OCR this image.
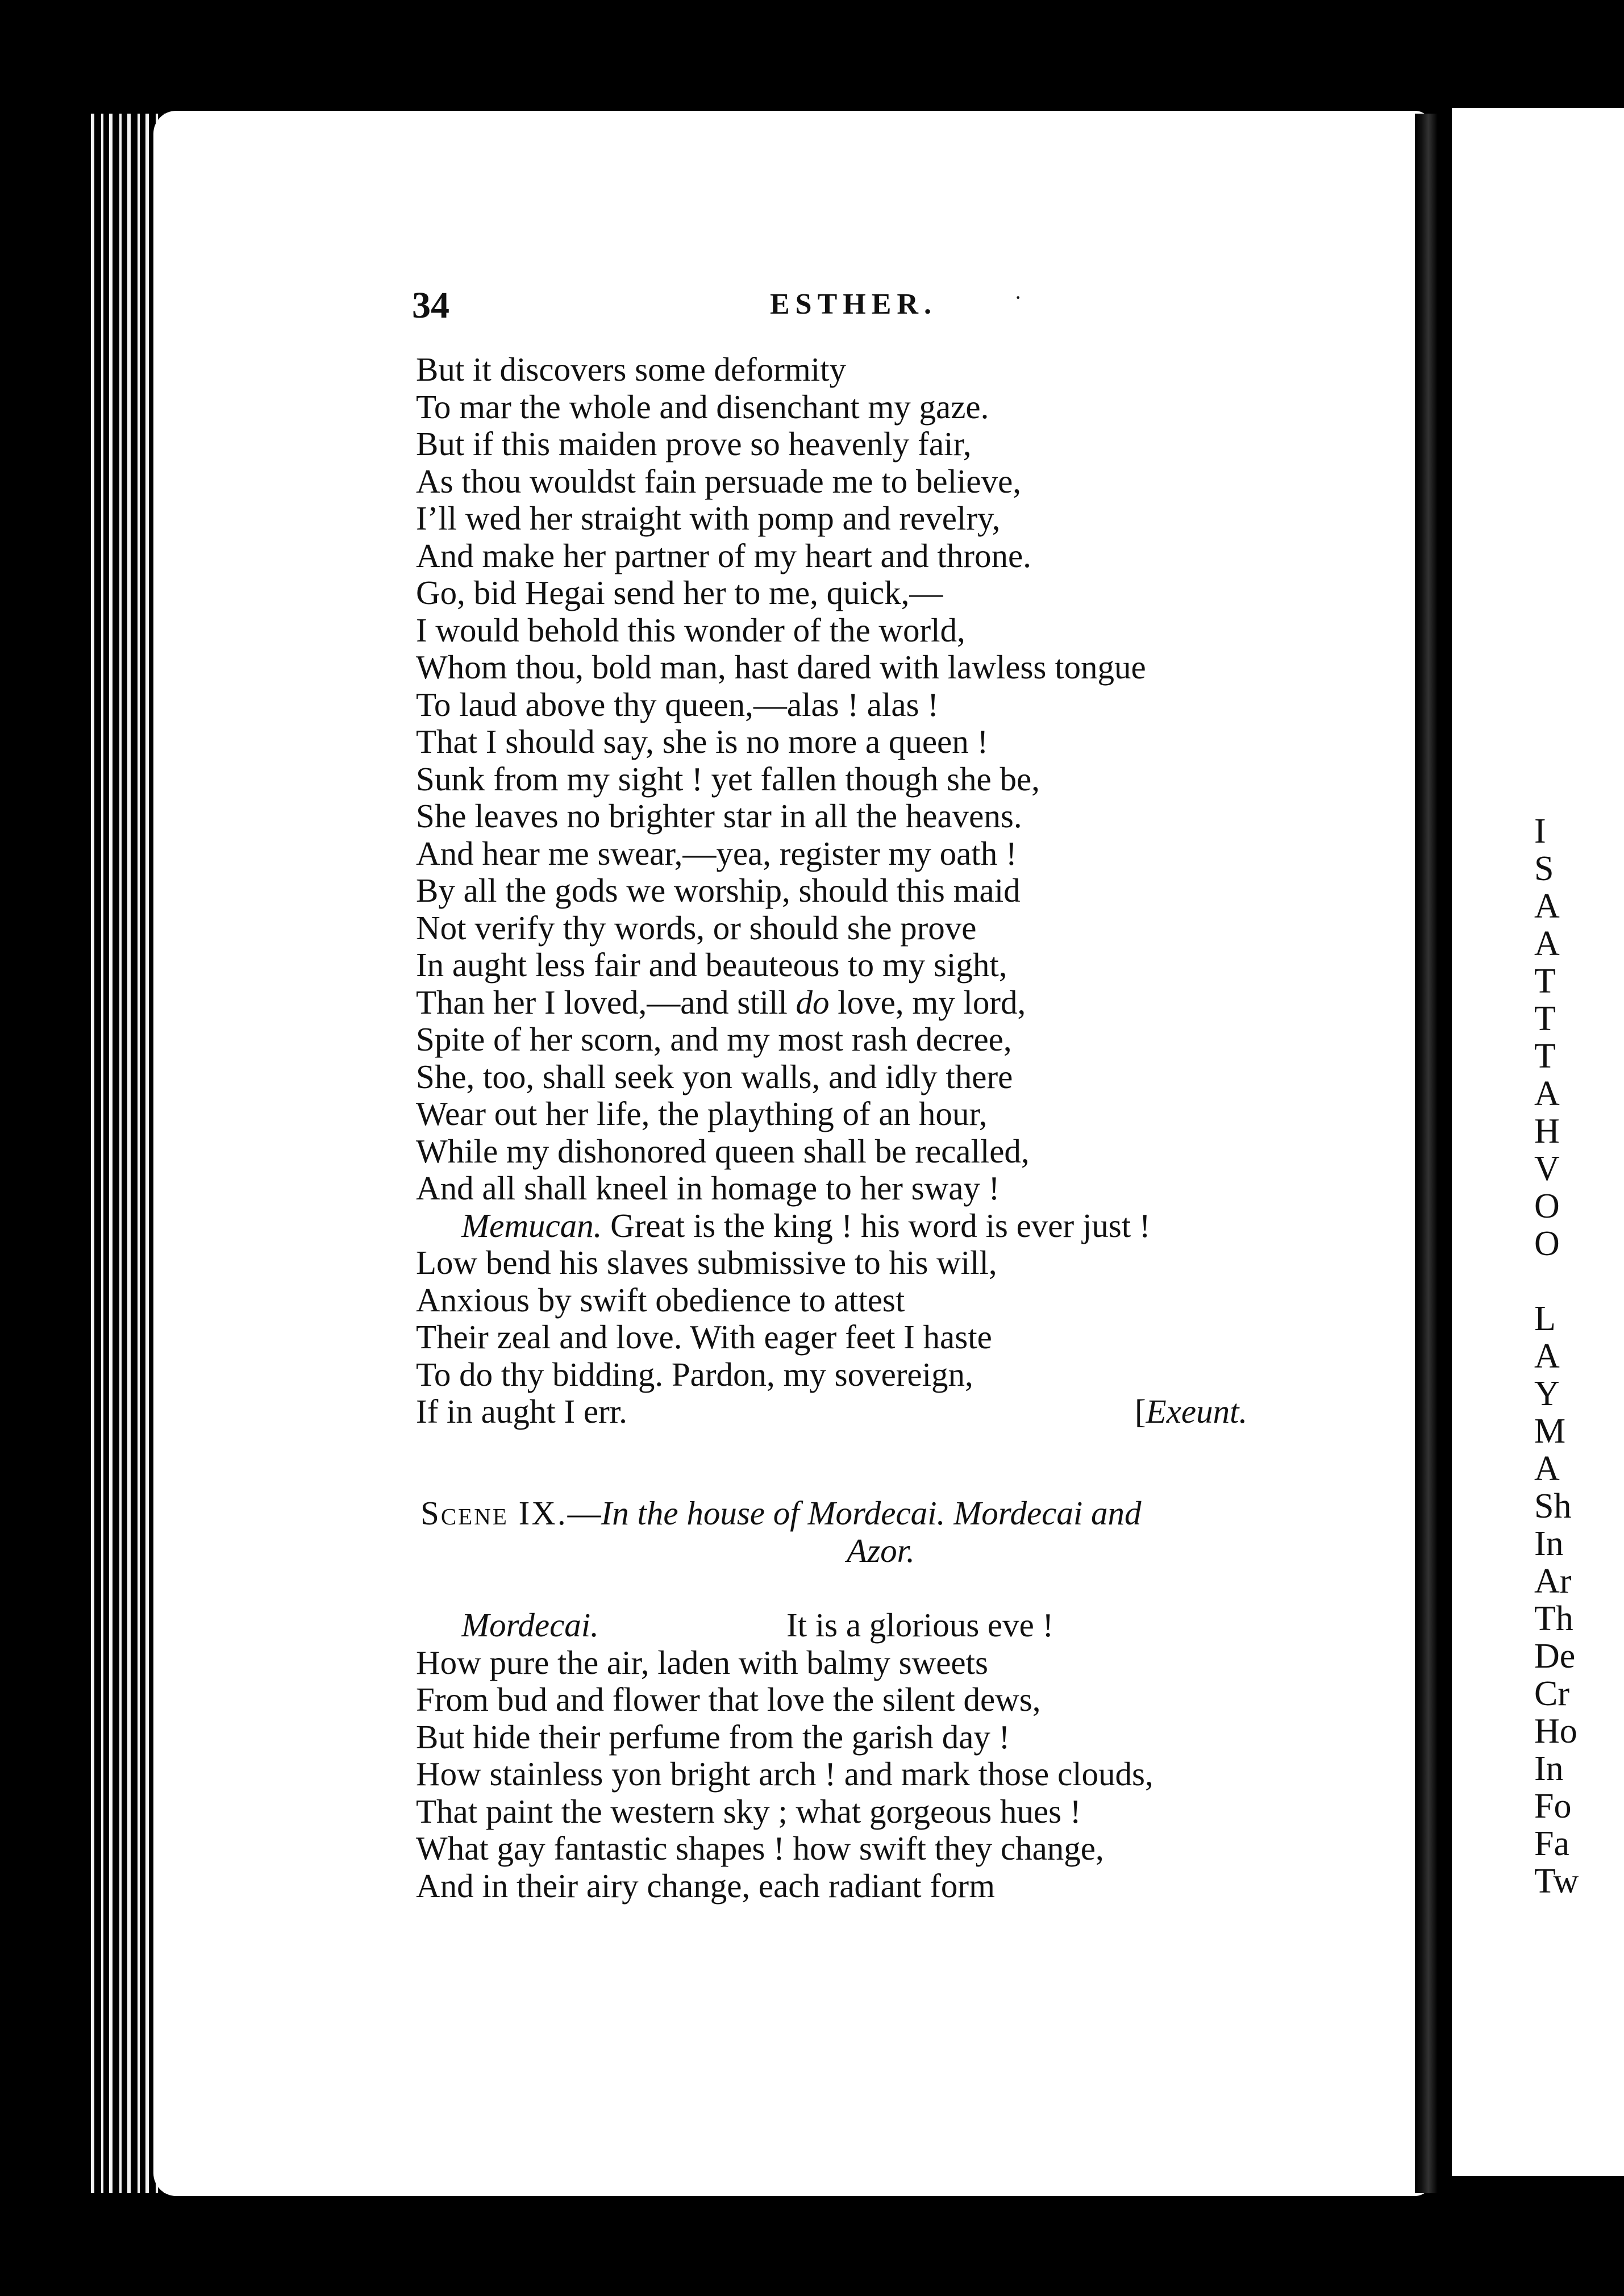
I
S
A
A
T
T
T
A
H
V
O
O
L
A
Y
M
A
Sh
In
Ar
Th
De
Cr
Ho
In
Fo
Fa
Tw
34	ESTHER.	·
But it discovers some deformity
To mar the whole and disenchant my gaze.
But if this maiden prove so heavenly fair,
As thou wouldst fain persuade me to believe,
I’ll wed her straight with pomp and revelry,
And make her partner of my heart and throne.
Go, bid Hegai send her to me, quick,—
I would behold this wonder of the world,
Whom thou, bold man, hast dared with lawless tongue
To laud above thy queen,—alas ! alas !
That I should say, she is no more a queen !
Sunk from my sight ! yet fallen though she be,
She leaves no brighter star in all the heavens.
And hear me swear,—yea, register my oath !
By all the gods we worship, should this maid
Not verify thy words, or should she prove
In aught less fair and beauteous to my sight,
Than her I loved,—and still do love, my lord,
Spite of her scorn, and my most rash decree,
She, too, shall seek yon walls, and idly there
Wear out her life, the plaything of an hour,
While my dishonored queen shall be recalled,
And all shall kneel in homage to her sway !
Memucan. Great is the king ! his word is ever just !
Low bend his slaves submissive to his will,
Anxious by swift obedience to attest
Their zeal and love. With eager feet I haste
To do thy bidding. Pardon, my sovereign,
If in aught I err.	[Exeunt.
Scene IX.—In the house of Mordecai. Mordecai and
Azor.
Mordecai.	It is a glorious eve !
How pure the air, laden with balmy sweets
From bud and flower that love the silent dews,
But hide their perfume from the garish day !
How stainless yon bright arch ! and mark those clouds,
That paint the western sky ; what gorgeous hues !
What gay fantastic shapes ! how swift they change,
And in their airy change, each radiant form
